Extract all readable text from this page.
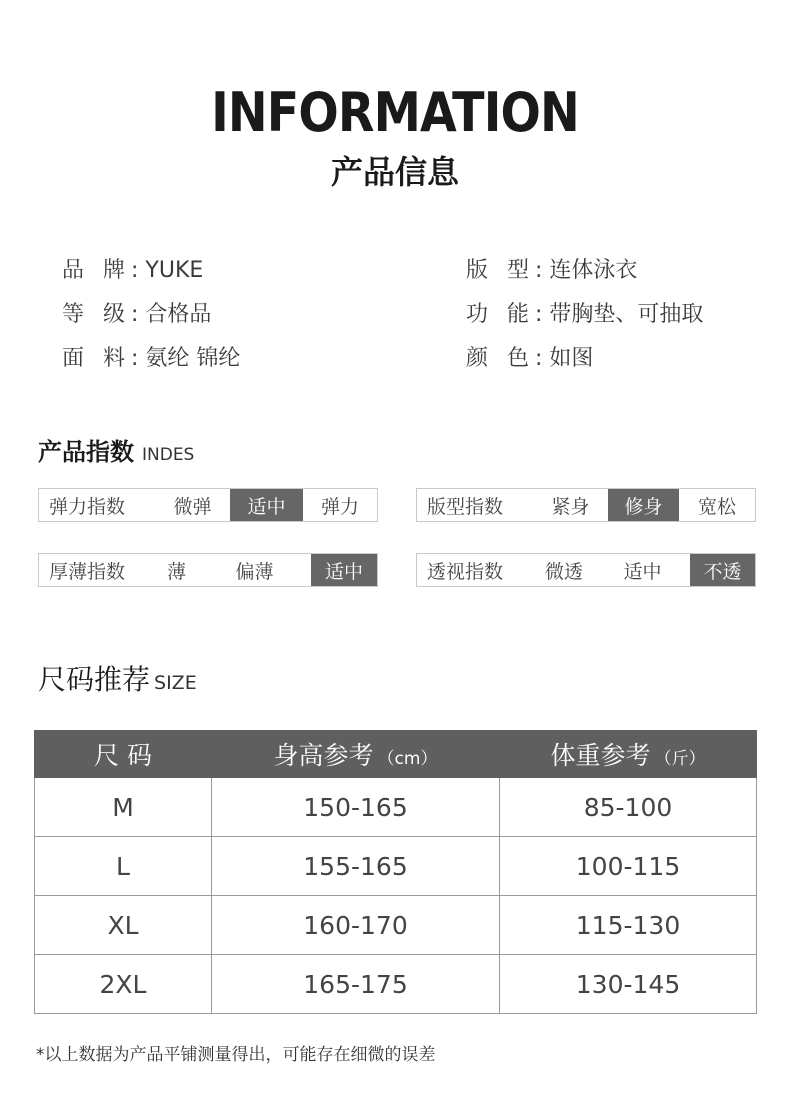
INFORMATION
产品信息
品 牌: YUKE
等 级: 合格品
面 料: 氨纶 锦纶
版 型: 连体泳衣
功 能: 带胸垫、可抽取
颜 色: 如图
产品指数 INDES
弹力指数	微弹	适中	弹力	版型指数	紧身	修身	宽松
厚薄指数	薄	偏薄	适中	透视指数	微透	适中	不透
尺码推荐 SIZE
尺 码	身高参考 （cm）	体重参考 （斤）
M	150-165	85-100
L	155-165	100-115
XL	160-170	115-130
2XL	165-175	130-145
*以上数据为产品平铺测量得出，可能存在细微的误差
